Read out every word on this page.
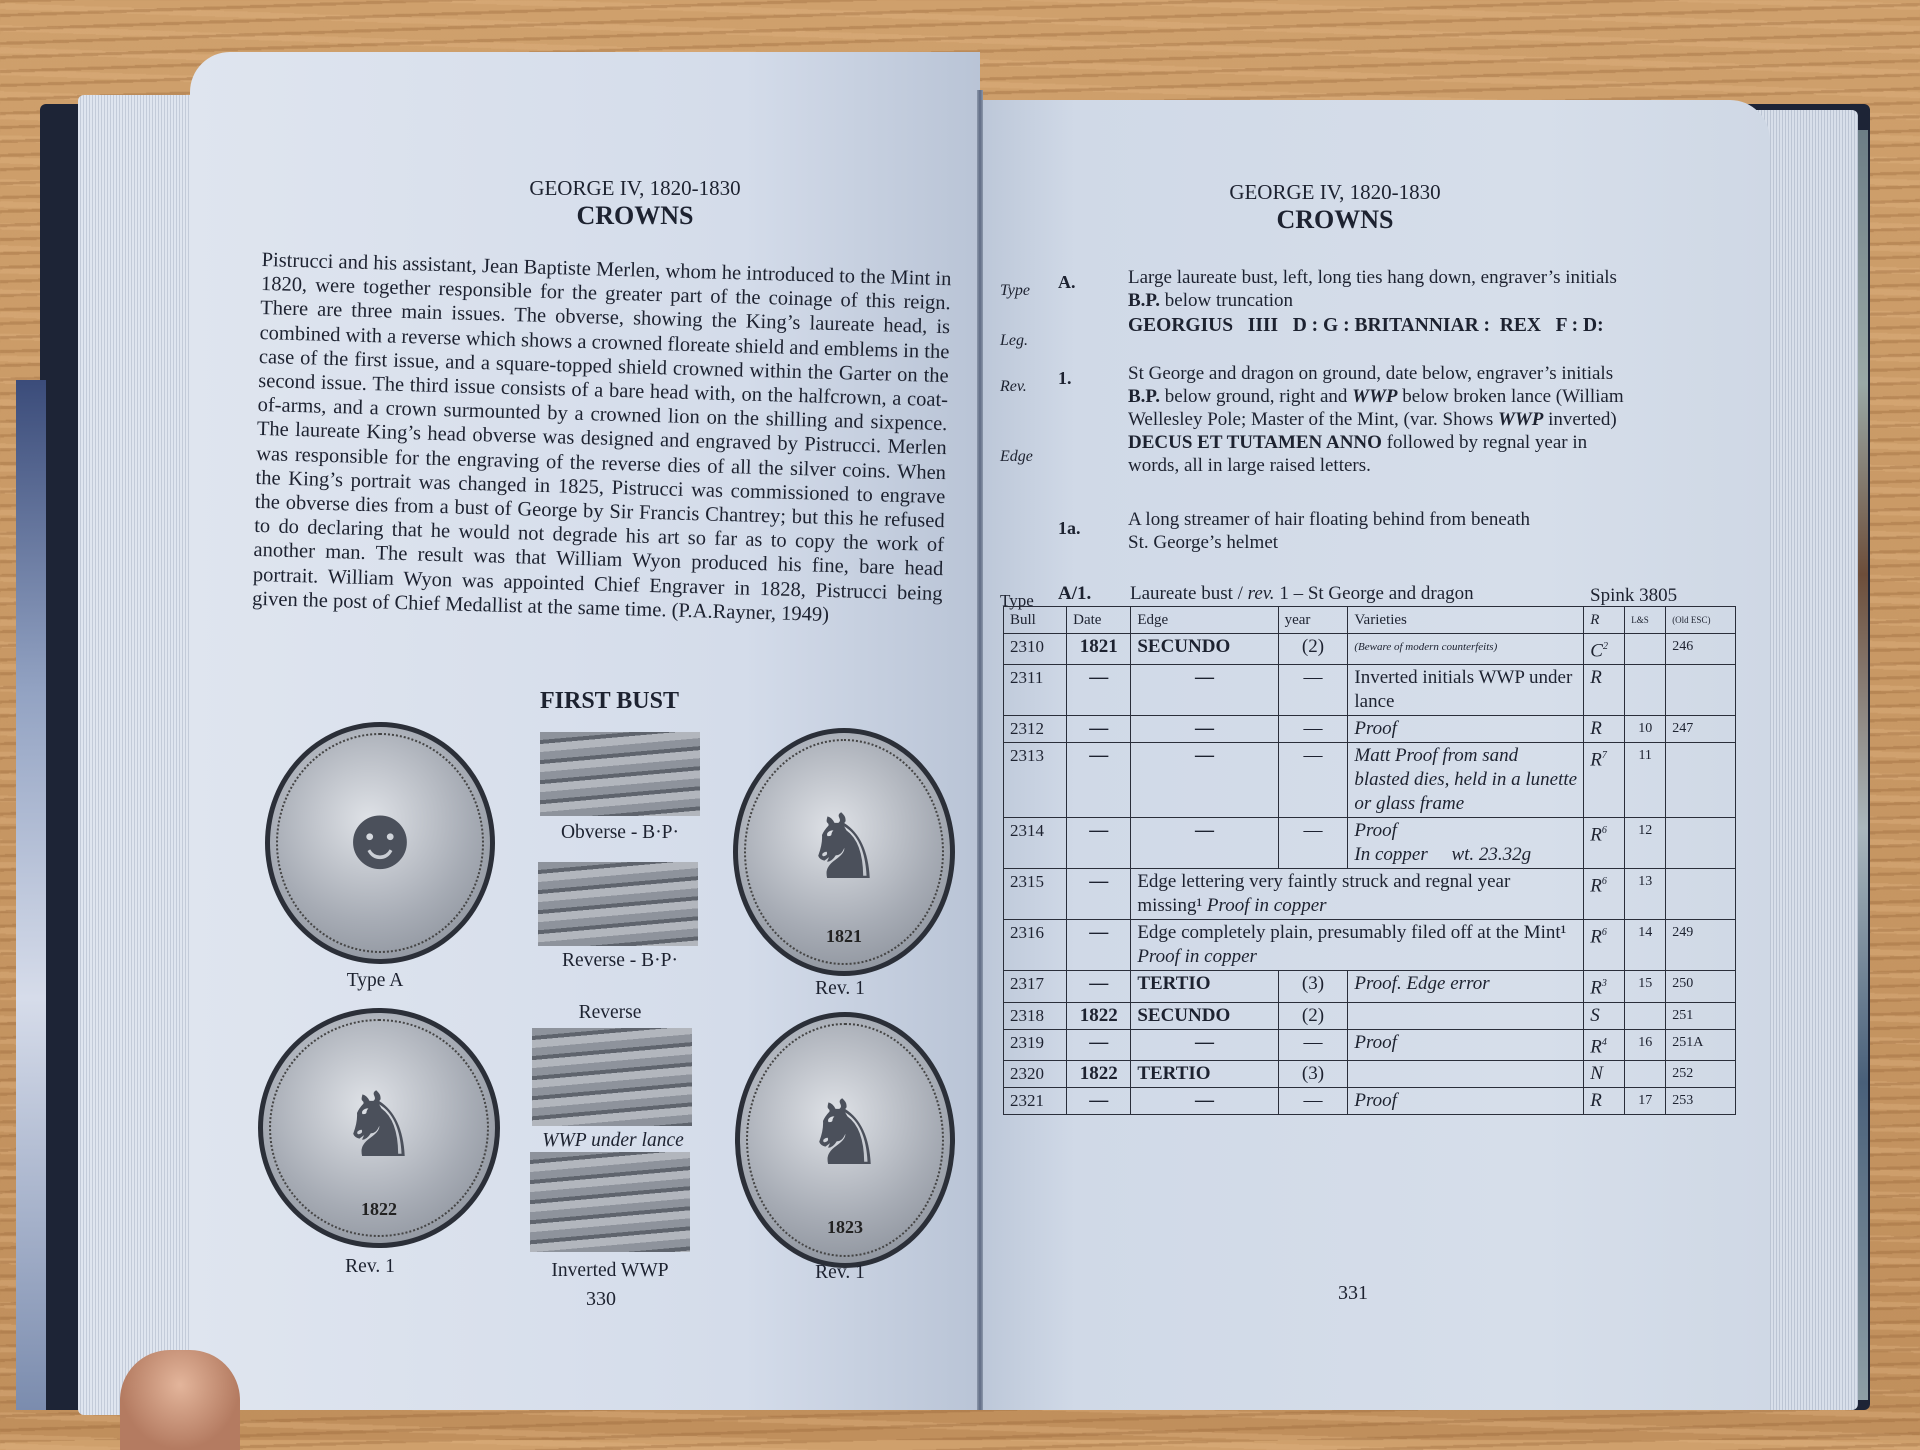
GEORGE IV, 1820-1830
CROWNS
Pistrucci and his assistant, Jean Baptiste Merlen, whom he introduced to the Mint in 1820, were together responsible for the greater part of the coinage of this reign. There are three main issues. The obverse, showing the King’s laureate head, is combined with a reverse which shows a crowned floreate shield and emblems in the case of the first issue, and a square-topped shield crowned within the Garter on the second issue. The third issue consists of a bare head with, on the halfcrown, a coat-of-arms, and a crown surmounted by a crowned lion on the shilling and sixpence. The laureate King’s head obverse was designed and engraved by Pistrucci. Merlen was responsible for the engraving of the reverse dies of all the silver coins. When the King’s portrait was changed in 1825, Pistrucci was commissioned to engrave the obverse dies from a bust of George by Sir Francis Chantrey; but this he refused to do declaring that he would not degrade his art so far as to copy the work of another man. The result was that William Wyon produced his fine, bare head portrait. William Wyon was appointed Chief Engraver in 1828, Pistrucci being given the post of Chief Medallist at the same time. (P.A.Rayner, 1949)
FIRST BUST
☻
Type A
Obverse - B·P·
Reverse - B·P·
♞
1821
Rev. 1
♞
1822
Rev. 1
Reverse
WWP under lance
Inverted WWP
♞
1823
Rev. 1
330
GEORGE IV, 1820-1830
CROWNS
Type
Leg.
Rev.
Edge
A.	Large laureate bust, left, long ties hang down, engraver’s initials
B.P. below truncation
GEORGIUS   IIII   D : G : BRITANNIAR :  REX   F : D:
1.	St George and dragon on ground, date below, engraver’s initials
B.P. below ground, right and WWP below broken lance (William
Wellesley Pole; Master of the Mint, (var. Shows WWP inverted)
DECUS ET TUTAMEN ANNO followed by regnal year in
words, all in large raised letters.
1a.	A long streamer of hair floating behind from beneath
St. George’s helmet
Type A/1. Laureate bust / rev. 1 – St George and dragon	Spink 3805
Bull	Date	Edge	year	Varieties	R	L&S	(Old ESC)
2310	1821	SECUNDO	(2)	(Beware of modern counterfeits)	$C^2$		246
2311	—	—	—	Inverted initials WWP under lance	R		
2312	—	—	—	Proof	R	10	247
2313	—	—	—	Matt Proof from sand blasted dies, held in a lunette or glass frame	$R^7$	11	
2314	—	—	—	Proof
In copper     wt. 23.32g	$R^6$	12	
2315	—	Edge lettering very faintly struck and regnal year missing¹ Proof in copper			$R^6$	13	
2316	—	Edge completely plain, presumably filed off at the Mint¹ Proof in copper			$R^6$	14	249
2317	—	TERTIO	(3)	Proof. Edge error	$R^3$	15	250
2318	1822	SECUNDO	(2)		S		251
2319	—	—	—	Proof	$R^4$	16	251A
2320	1822	TERTIO	(3)		N		252
2321	—	—	—	Proof	R	17	253
331
